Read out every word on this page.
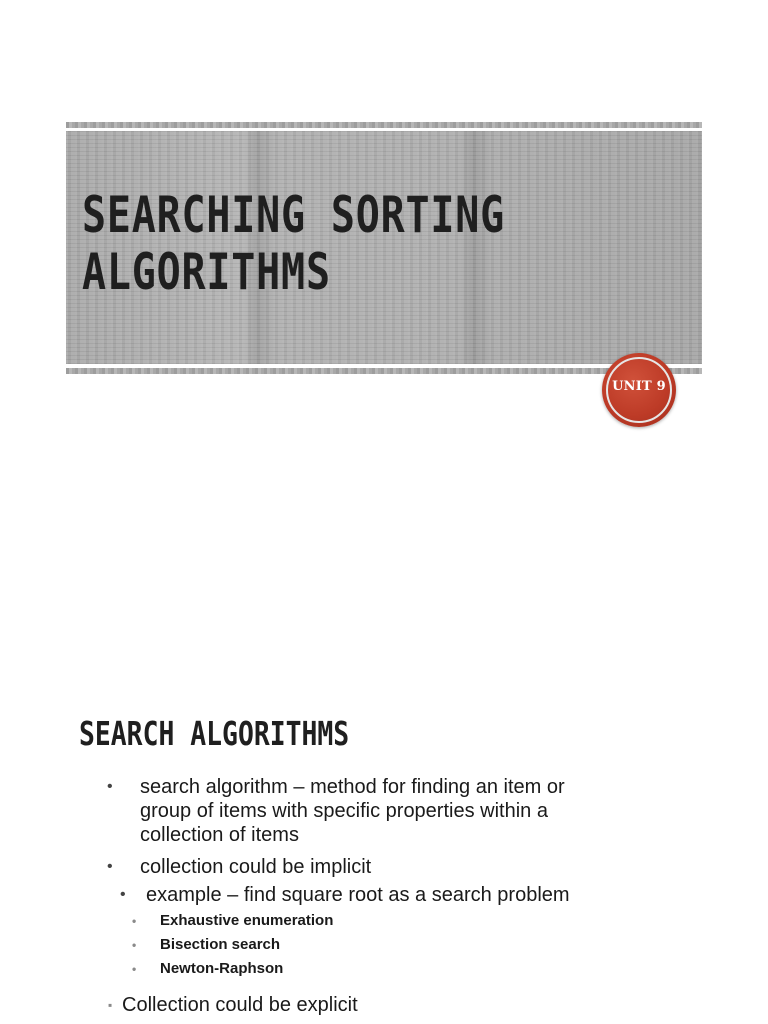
SEARCHING SORTING
ALGORITHMS
UNIT 9
SEARCH ALGORITHMS

• search algorithm – method for finding an item or group of items with specific properties within a collection of items

• collection could be implicit

• example – find square root as a search problem

• Exhaustive enumeration

• Bisection search

• Newton-Raphson

▪ Collection could be explicit
